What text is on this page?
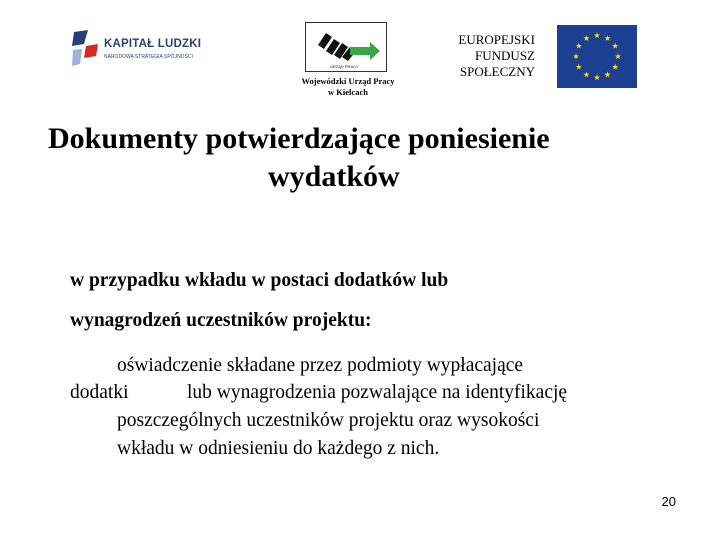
KAPITAŁ LUDZKI
NARODOWA STRATEGIA SPÓJNOŚCI
URZĄD PRACY
Wojewódzki Urząd Pracy
w Kielcach
EUROPEJSKI
FUNDUSZ
SPOŁECZNY
Dokumenty potwierdzające poniesienie
wydatków
w przypadku wkładu w postaci dodatków lub
wynagrodzeń uczestników projektu:
oświadczenie składane przez podmioty wypłacające
dodatki	lub wynagrodzenia pozwalające na identyfikację
poszczególnych uczestników projektu oraz wysokości
wkładu w odniesieniu do każdego z nich.
20
